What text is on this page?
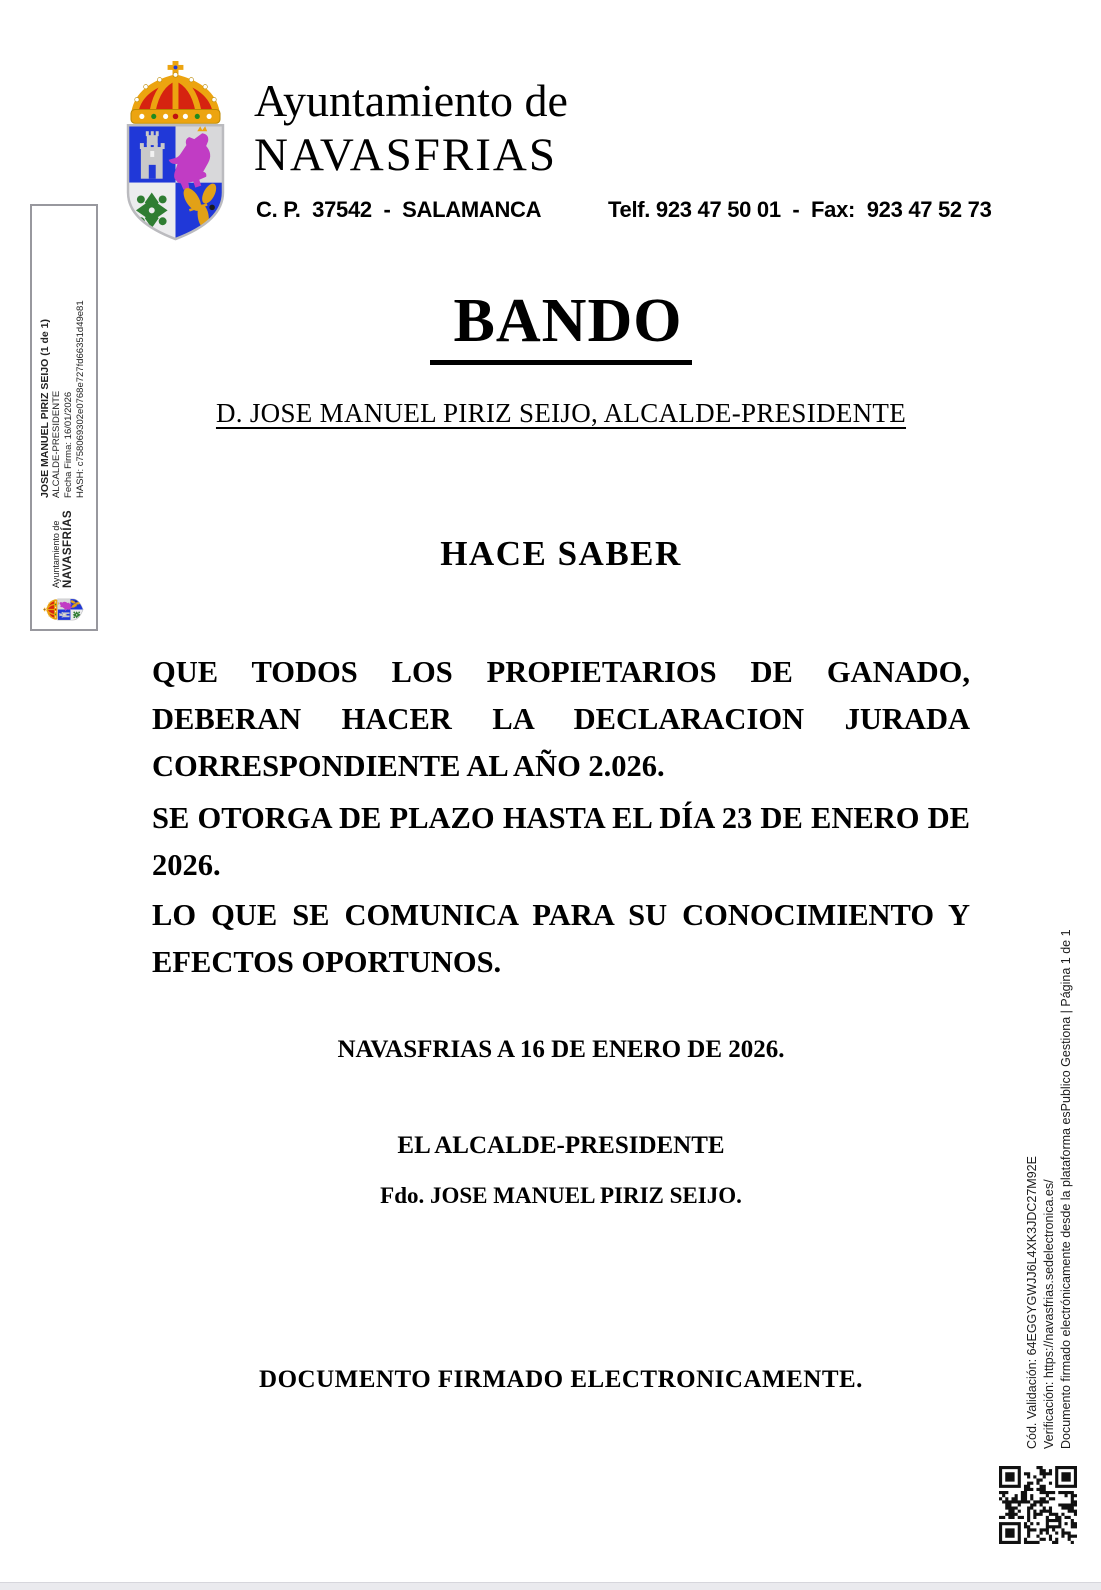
Ayuntamiento de
NAVASFRIAS
C. P.  37542  -  SALAMANCA	Telf. 923 47 50 01  -  Fax:  923 47 52 73
Ayuntamiento de NAVASFRÍAS
JOSE MANUEL PIRIZ SEIJO (1 de 1) ALCALDE-PRESIDENTE Fecha Firma: 16/01/2026 HASH: c758069302e0768e727fd66351d49e81	BANDO
D. JOSE MANUEL PIRIZ SEIJO, ALCALDE-PRESIDENTE
HACE SABER
QUE TODOS LOS PROPIETARIOS DE GANADO,
DEBERAN HACER LA DECLARACION JURADA
CORRESPONDIENTE AL AÑO 2.026.
SE OTORGA DE PLAZO HASTA EL DÍA 23 DE ENERO DE
2026.
LO QUE SE COMUNICA PARA SU CONOCIMIENTO Y
EFECTOS OPORTUNOS.
NAVASFRIAS A 16 DE ENERO DE 2026.
EL ALCALDE-PRESIDENTE
Fdo. JOSE MANUEL PIRIZ SEIJO.
DOCUMENTO FIRMADO ELECTRONICAMENTE.	Cód. Validación: 64EGGYGWJJ6L4XK3JDC27M92E Verificación: https://navasfrias.sedelectronica.es/ Documento firmado electrónicamente desde la plataforma esPublico Gestiona | Página 1 de 1
